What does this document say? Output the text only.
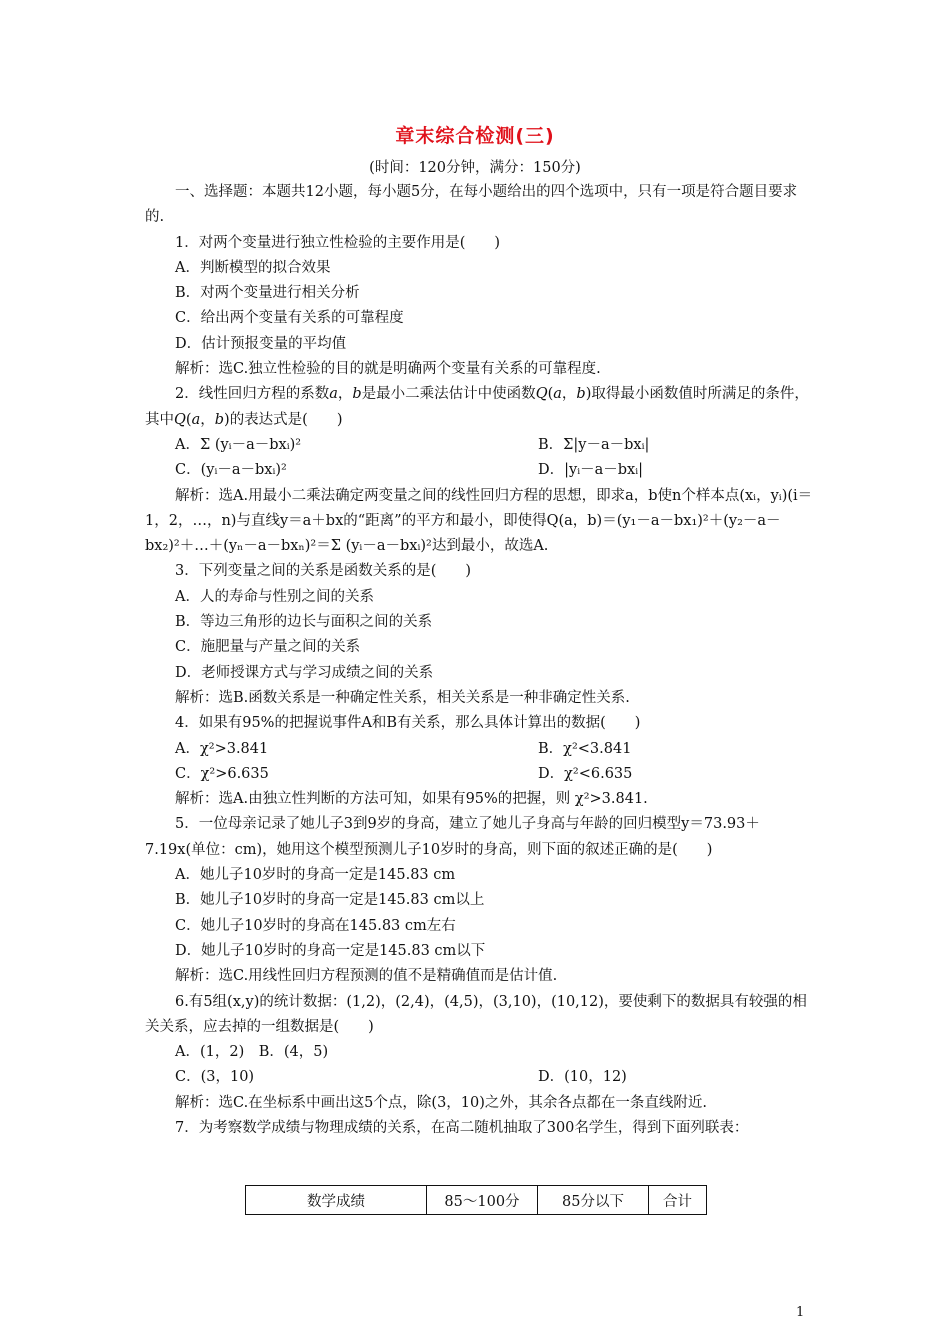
章末综合检测(三)
(时间：120分钟，满分：150分)

一、选择题：本题共12小题，每小题5分，在每小题给出的四个选项中，只有一项是符合题目要求的.

1．对两个变量进行独立性检验的主要作用是(　　)

A．判断模型的拟合效果

B．对两个变量进行相关分析

C．给出两个变量有关系的可靠程度

D．估计预报变量的平均值

解析：选C.独立性检验的目的就是明确两个变量有关系的可靠程度.

2．线性回归方程的系数a，b是最小二乘法估计中使函数Q(a，b)取得最小函数值时所满足的条件，其中Q(a，b)的表达式是(　　)

A．Σ (yᵢ－a－bxᵢ)²	B．Σ|y－a－bxᵢ|

C．(yᵢ－a－bxᵢ)²	D．|yᵢ－a－bxᵢ|

解析：选A.用最小二乘法确定两变量之间的线性回归方程的思想，即求a，b使n个样本点(xᵢ，yᵢ)(i＝1，2，…，n)与直线y＝a＋bx的“距离”的平方和最小，即使得Q(a，b)＝(y₁－a－bx₁)²＋(y₂－a－bx₂)²＋…＋(yₙ－a－bxₙ)²＝Σ (yᵢ－a－bxᵢ)²达到最小，故选A.

3．下列变量之间的关系是函数关系的是(　　)

A．人的寿命与性别之间的关系

B．等边三角形的边长与面积之间的关系

C．施肥量与产量之间的关系

D．老师授课方式与学习成绩之间的关系

解析：选B.函数关系是一种确定性关系，相关关系是一种非确定性关系.

4．如果有95%的把握说事件A和B有关系，那么具体计算出的数据(　　)

A．χ²>3.841	B．χ²<3.841

C．χ²>6.635	D．χ²<6.635

解析：选A.由独立性判断的方法可知，如果有95%的把握，则 χ²>3.841.

5．一位母亲记录了她儿子3到9岁的身高，建立了她儿子身高与年龄的回归模型y＝73.93＋7.19x(单位：cm)，她用这个模型预测儿子10岁时的身高，则下面的叙述正确的是(　　)

A．她儿子10岁时的身高一定是145.83 cm

B．她儿子10岁时的身高一定是145.83 cm以上

C．她儿子10岁时的身高在145.83 cm左右

D．她儿子10岁时的身高一定是145.83 cm以下

解析：选C.用线性回归方程预测的值不是精确值而是估计值.

6.有5组(x,y)的统计数据：(1,2)，(2,4)，(4,5)，(3,10)，(10,12)，要使剩下的数据具有较强的相关关系，应去掉的一组数据是(　　)

A．(1，2)　B．(4，5)

C．(3，10)	D．(10，12)

解析：选C.在坐标系中画出这5个点，除(3，10)之外，其余各点都在一条直线附近.

7．为考察数学成绩与物理成绩的关系，在高二随机抽取了300名学生，得到下面列联表：

数学成绩	85～100分	85分以下	合计
1
